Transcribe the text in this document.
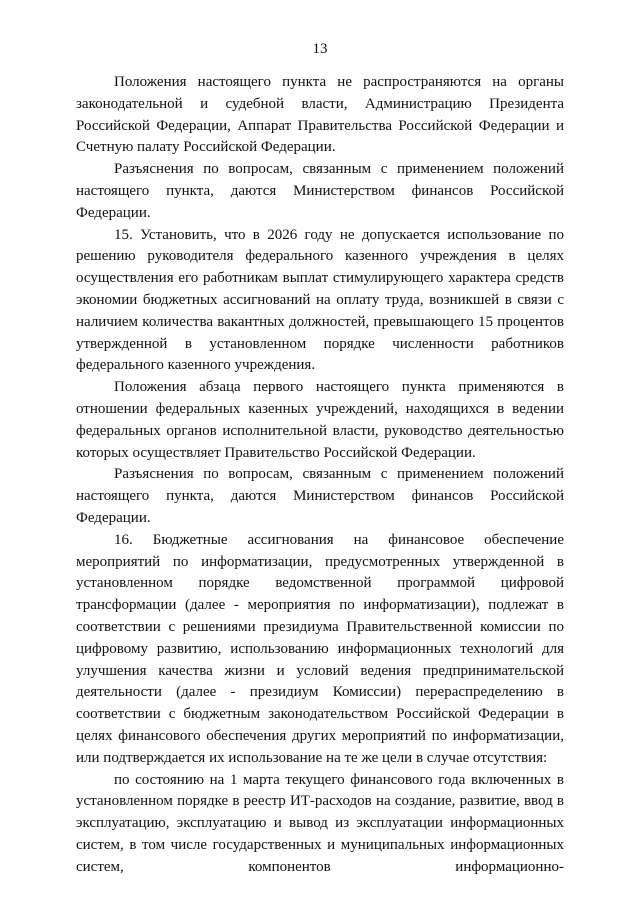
13

Положения настоящего пункта не распространяются на органы законодательной и судебной власти, Администрацию Президента Российской Федерации, Аппарат Правительства Российской Федерации и Счетную палату Российской Федерации.

Разъяснения по вопросам, связанным с применением положений настоящего пункта, даются Министерством финансов Российской Федерации.

15. Установить, что в 2026 году не допускается использование по решению руководителя федерального казенного учреждения в целях осуществления его работникам выплат стимулирующего характера средств экономии бюджетных ассигнований на оплату труда, возникшей в связи с наличием количества вакантных должностей, превышающего 15 процентов утвержденной в установленном порядке численности работников федерального казенного учреждения.

Положения абзаца первого настоящего пункта применяются в отношении федеральных казенных учреждений, находящихся в ведении федеральных органов исполнительной власти, руководство деятельностью которых осуществляет Правительство Российской Федерации.

Разъяснения по вопросам, связанным с применением положений настоящего пункта, даются Министерством финансов Российской Федерации.

16. Бюджетные ассигнования на финансовое обеспечение мероприятий по информатизации, предусмотренных утвержденной в установленном порядке ведомственной программой цифровой трансформации (далее - мероприятия по информатизации), подлежат в соответствии с решениями президиума Правительственной комиссии по цифровому развитию, использованию информационных технологий для улучшения качества жизни и условий ведения предпринимательской деятельности (далее - президиум Комиссии) перераспределению в соответствии с бюджетным законодательством Российской Федерации в целях финансового обеспечения других мероприятий по информатизации, или подтверждается их использование на те же цели в случае отсутствия:

по состоянию на 1 марта текущего финансового года включенных в установленном порядке в реестр ИТ-расходов на создание, развитие, ввод в эксплуатацию, эксплуатацию и вывод из эксплуатации информационных систем, в том числе государственных и муниципальных информационных систем, компонентов информационно-
